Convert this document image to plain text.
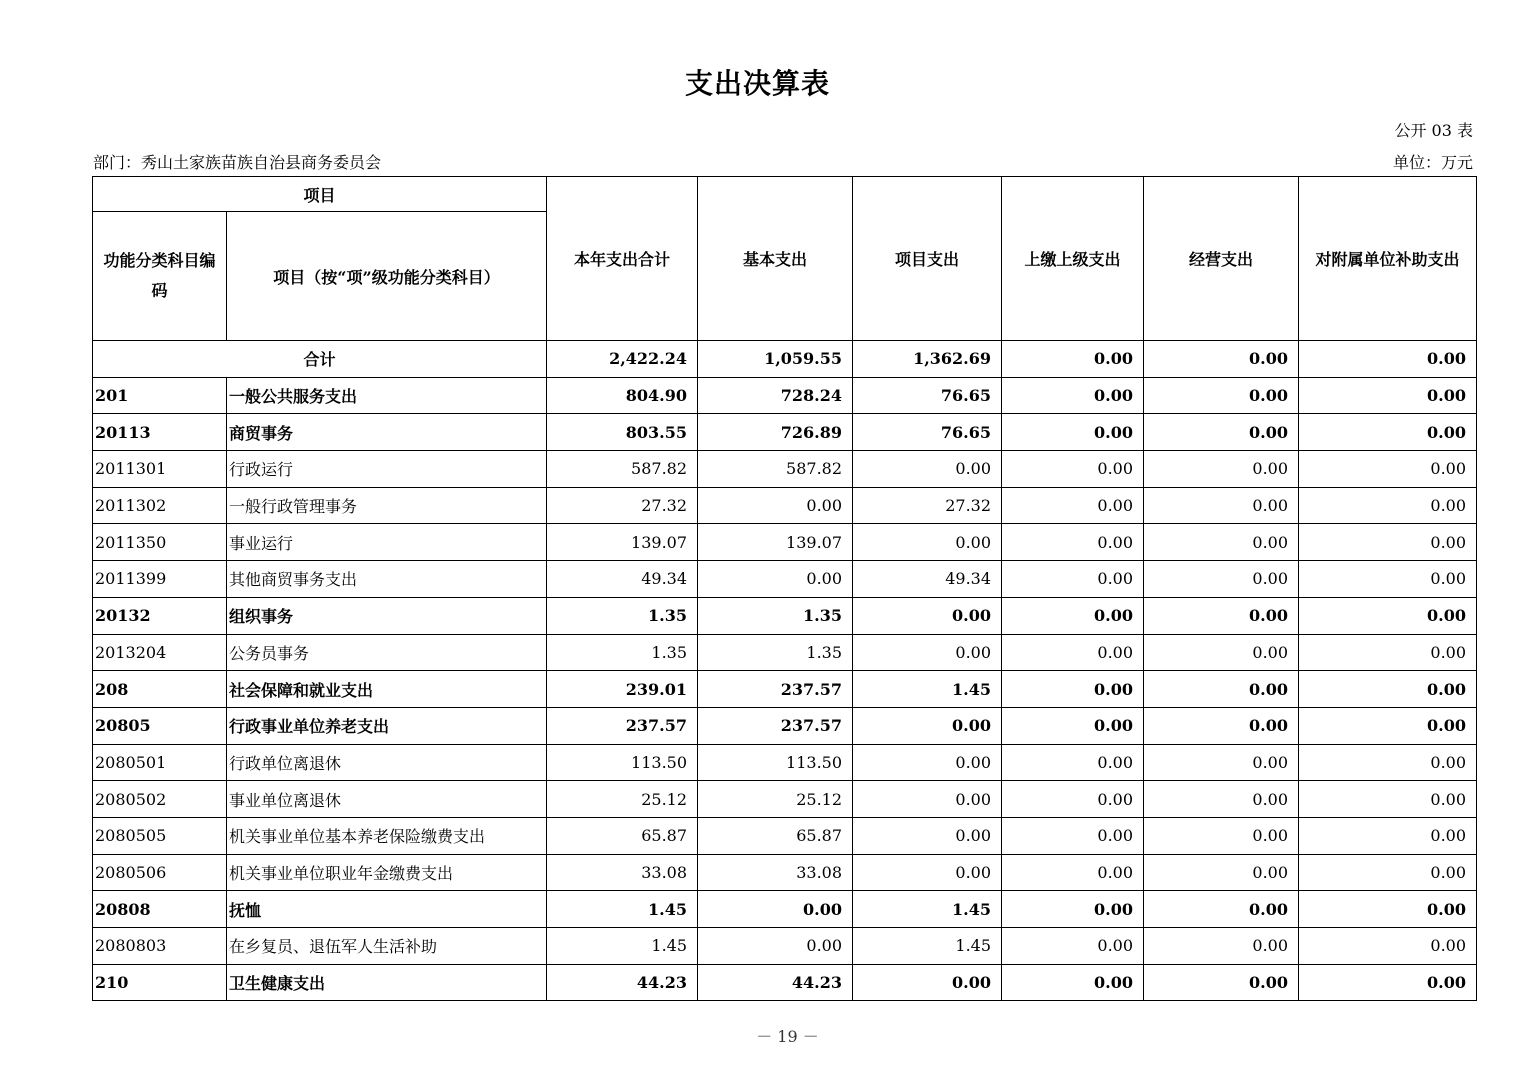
支出决算表
公开 03 表
部门：秀山土家族苗族自治县商务委员会	单位：万元
项目		本年支出合计	基本支出	项目支出	上缴上级支出	经营支出	对附属单位补助支出
功能分类科目编码	项目（按“项”级功能分类科目）						
合计		2,422.24	1,059.55	1,362.69	0.00	0.00	0.00
201	一般公共服务支出	804.90	728.24	76.65	0.00	0.00	0.00
20113	商贸事务	803.55	726.89	76.65	0.00	0.00	0.00
2011301	行政运行	587.82	587.82	0.00	0.00	0.00	0.00
2011302	一般行政管理事务	27.32	0.00	27.32	0.00	0.00	0.00
2011350	事业运行	139.07	139.07	0.00	0.00	0.00	0.00
2011399	其他商贸事务支出	49.34	0.00	49.34	0.00	0.00	0.00
20132	组织事务	1.35	1.35	0.00	0.00	0.00	0.00
2013204	公务员事务	1.35	1.35	0.00	0.00	0.00	0.00
208	社会保障和就业支出	239.01	237.57	1.45	0.00	0.00	0.00
20805	行政事业单位养老支出	237.57	237.57	0.00	0.00	0.00	0.00
2080501	行政单位离退休	113.50	113.50	0.00	0.00	0.00	0.00
2080502	事业单位离退休	25.12	25.12	0.00	0.00	0.00	0.00
2080505	机关事业单位基本养老保险缴费支出	65.87	65.87	0.00	0.00	0.00	0.00
2080506	机关事业单位职业年金缴费支出	33.08	33.08	0.00	0.00	0.00	0.00
20808	抚恤	1.45	0.00	1.45	0.00	0.00	0.00
2080803	在乡复员、退伍军人生活补助	1.45	0.00	1.45	0.00	0.00	0.00
210	卫生健康支出	44.23	44.23	0.00	0.00	0.00	0.00
－ 19 －
